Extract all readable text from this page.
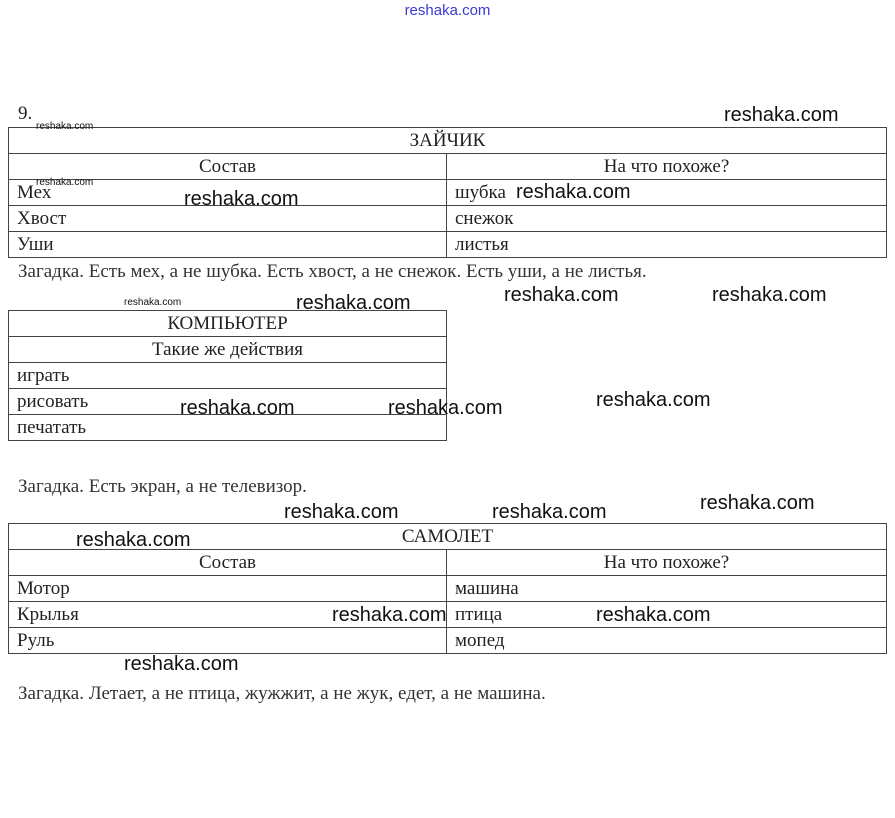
reshaka.com
9.
ЗАЙЧИК	
Состав	На что похоже?
Мех	шубка
Хвост	снежок
Уши	листья
Загадка. Есть мех, а не шубка. Есть хвост, а не снежок. Есть уши, а не листья.
КОМПЬЮТЕР
Такие же действия
играть
рисовать
печатать
Загадка. Есть экран, а не телевизор.
САМОЛЕТ	
Состав	На что похоже?
Мотор	машина
Крылья	птица
Руль	мопед
Загадка. Летает, а не птица, жужжит, а не жук, едет, а не машина.
reshaka.com
reshaka.com
reshaka.com
reshaka.com	reshaka.com
reshaka.com	reshaka.com	reshaka.com	reshaka.com
reshaka.com	reshaka.com	reshaka.com
reshaka.com
reshaka.com	reshaka.com
reshaka.com
reshaka.com	reshaka.com
reshaka.com
